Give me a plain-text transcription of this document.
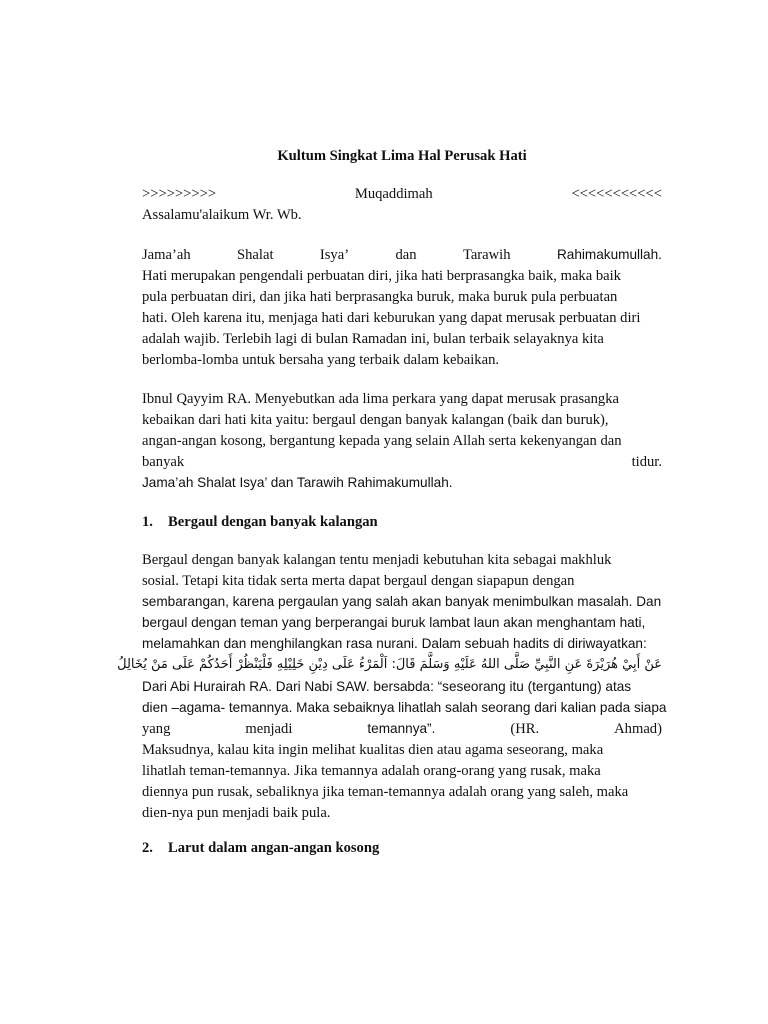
Kultum Singkat Lima Hal Perusak Hati
>>>>>>>>>	Muqaddimah	<<<<<<<<<<<
Assalamu'alaikum Wr. Wb.
Jama’ah	Shalat	Isya’	dan	Tarawih	Rahimakumullah.
Hati merupakan pengendali perbuatan diri, jika hati berprasangka baik, maka baik
pula perbuatan diri, dan jika hati berprasangka buruk, maka buruk pula perbuatan
hati. Oleh karena itu, menjaga hati dari keburukan yang dapat merusak perbuatan diri
adalah wajib. Terlebih lagi di bulan Ramadan ini, bulan terbaik selayaknya kita
berlomba-lomba untuk bersaha yang terbaik dalam kebaikan.
Ibnul Qayyim RA. Menyebutkan ada lima perkara yang dapat merusak prasangka
kebaikan dari hati kita yaitu: bergaul dengan banyak kalangan (baik dan buruk),
angan-angan kosong, bergantung kepada yang selain Allah serta kekenyangan dan
banyak	tidur.
Jama’ah Shalat Isya’ dan Tarawih Rahimakumullah.
1. Bergaul dengan banyak kalangan
Bergaul dengan banyak kalangan tentu menjadi kebutuhan kita sebagai makhluk
sosial. Tetapi kita tidak serta merta dapat bergaul dengan siapapun dengan
sembarangan, karena pergaulan yang salah akan banyak menimbulkan masalah. Dan
bergaul dengan teman yang berperangai buruk lambat laun akan menghantam hati,
melamahkan dan menghilangkan rasa nurani. Dalam sebuah hadits di diriwayatkan:
عَنْ أَبِيْ هُرَيْرَةَ عَنِ النَّبِيِّ صَلَّى اللهُ عَلَيْهِ وَسَلَّمَ قَالَ: اَلْمَرْءُ عَلَى دِيْنِ خَلِيْلِهِ فَلْيَنْظُرْ أَحَدُكُمْ عَلَى مَنْ يُخَالِلُ
Dari Abi Hurairah RA. Dari Nabi SAW. bersabda: “seseorang itu (tergantung) atas
dien –agama- temannya. Maka sebaiknya lihatlah salah seorang dari kalian pada siapa
yang	menjadi	temannya”.	(HR.	Ahmad)
Maksudnya, kalau kita ingin melihat kualitas dien atau agama seseorang, maka
lihatlah teman-temannya. Jika temannya adalah orang-orang yang rusak, maka
diennya pun rusak, sebaliknya jika teman-temannya adalah orang yang saleh, maka
dien-nya pun menjadi baik pula.
2. Larut dalam angan-angan kosong
